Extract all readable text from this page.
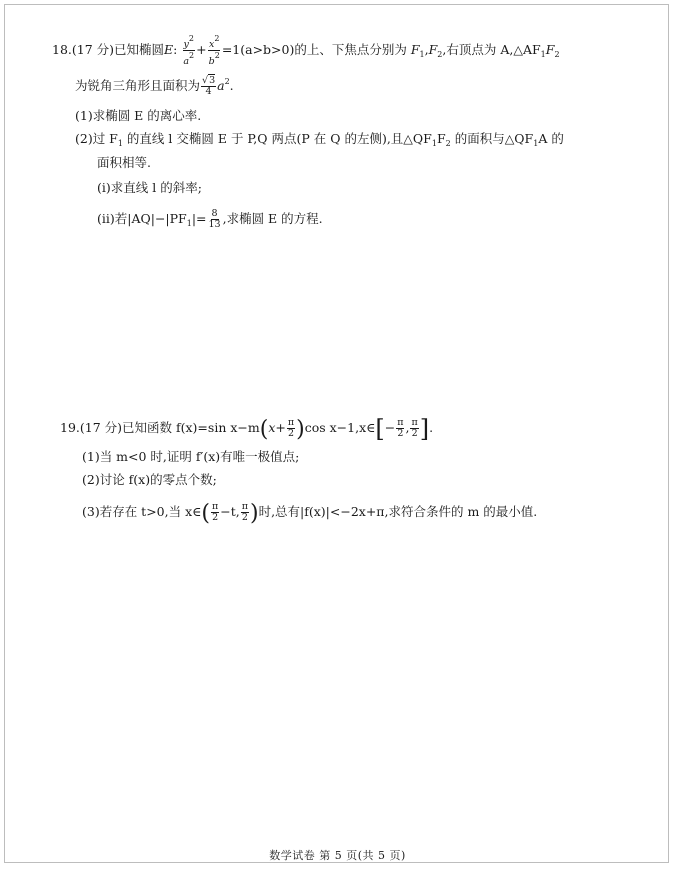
18.(17 分)已知椭圆E: $\frac{y^2}{a^2} + \frac{x^2}{b^2} =1(a>b>0)$的上、下焦点分别为 $F_1,F_2$,右顶点为 $A,\triangle AF_1F_2$
为锐角三角形且面积为 $\frac{√3}{4} a^2$.
(1)求椭圆 E 的离心率.
(2)过 $F_1$ 的直线 l 交椭圆 E 于 P,Q 两点(P 在 Q 的左侧),且$\triangle QF_1F_2$ 的面积与$\triangle QF_1A$ 的
面积相等.
(ⅰ)求直线 l 的斜率;
(ⅱ)若$|AQ|-|PF_1|= \frac{8}{13}$ ,求椭圆 E 的方程.
19.(17 分)已知函数 f(x)=sin $x-m(x+ \frac{\pi}{2} )\cos$ x−1,x∈[− $\frac{\pi}{2}$ , $\frac{\pi}{2}$ ].
(1)当 m<0 时,证明 f′(x)有唯一极值点;
(2)讨论 f(x)的零点个数;
(3)若存在 t>0,当 x∈( $\frac{\pi}{2} -t$, $\frac{\pi}{2}$ )时,总有|f(x)|<−2x+π,求符合条件的 m 的最小值.
数学试卷 第 5 页(共 5 页)
